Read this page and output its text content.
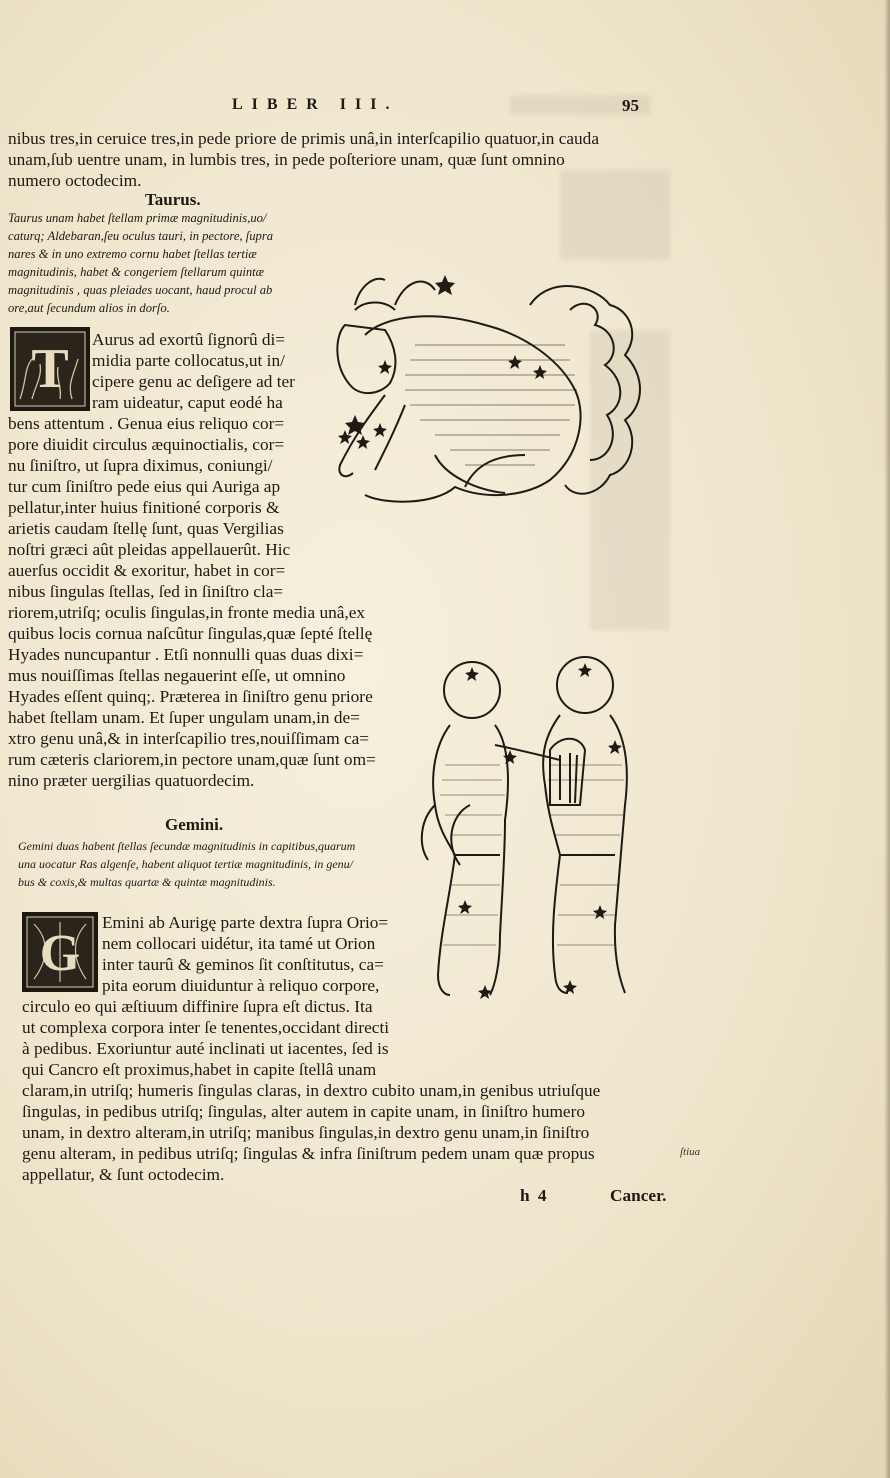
LIBER III.	95
nibus tres,in ceruice tres,in pede priore de primis unâ,in interſcapilio quatuor,in cauda
unam,ſub uentre unam, in lumbis tres, in pede poſteriore unam, quæ ſunt omnino
numero octodecim.
Taurus.
Taurus unam habet ſtellam primæ magnitudinis,uo/
caturq; Aldebaran,ſeu oculus tauri, in pectore, ſupra
nares & in uno extremo cornu habet ſtellas tertiæ
magnitudinis, habet & congeriem ſtellarum quintæ
magnitudinis , quas pleiades uocant, haud procul ab
ore,aut ſecundum alios in dorſo.
T Aurus ad exortû ſignorû di=
midia parte collocatus,ut in/
cipere genu ac deſigere ad ter
ram uideatur, caput eodé ha
bens attentum . Genua eius reliquo cor=
pore diuidit circulus æquinoctialis, cor=
nu ſiniſtro, ut ſupra diximus, coniungi/
tur cum ſiniſtro pede eius qui Auriga ap
pellatur,inter huius finitioné corporis &
arietis caudam ſtellę ſunt, quas Vergilias
noſtri græci aût pleidas appellauerût. Hic
auerſus occidit & exoritur, habet in cor=
nibus ſingulas ſtellas, ſed in ſiniſtro cla=
riorem,utriſq; oculis ſingulas,in fronte media unâ,ex
quibus locis cornua naſcûtur ſingulas,quæ ſepté ſtellę
Hyades nuncupantur . Etſi nonnulli quas duas dixi=
mus nouiſſimas ſtellas negauerint eſſe, ut omnino
Hyades eſſent quinq;. Præterea in ſiniſtro genu priore
habet ſtellam unam. Et ſuper ungulam unam,in de=
xtro genu unâ,& in interſcapilio tres,nouiſſimam ca=
rum cæteris clariorem,in pectore unam,quæ ſunt om=
nino præter uergilias quatuordecim.
Gemini.
Gemini duas habent ſtellas ſecundæ magnitudinis in capitibus,quarum
una uocatur Ras algenſe, habent aliquot tertiæ magnitudinis, in genu/
bus & coxis,& multas quartæ & quintæ magnitudinis.
G
Emini ab Aurigę parte dextra ſupra Orio=
nem collocari uidétur, ita tamé ut Orion
inter taurû & geminos ſit conſtitutus, ca=
pita eorum diuiduntur à reliquo corpore,
circulo eo qui æſtiuum diffinire ſupra eſt dictus. Ita
ut complexa corpora inter ſe tenentes,occidant directi
à pedibus. Exoriuntur auté inclinati ut iacentes, ſed is
qui Cancro eſt proximus,habet in capite ſtellâ unam
claram,in utriſq; humeris ſingulas claras, in dextro cubito unam,in genibus utriuſque
ſingulas, in pedibus utriſq; ſingulas, alter autem in capite unam, in ſiniſtro humero
unam, in dextro alteram,in utriſq; manibus ſingulas,in dextro genu unam,in ſiniſtro
genu alteram, in pedibus utriſq; ſingulas & infra ſiniſtrum pedem unam quæ propus
appellatur, & ſunt octodecim.
ſtiua
h 4	Cancer.
